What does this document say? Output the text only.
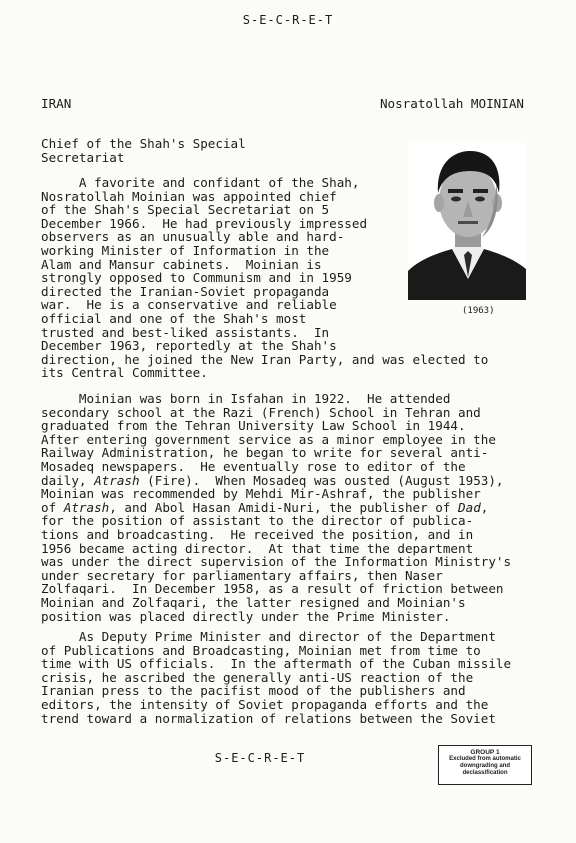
S-E-C-R-E-T
IRAN	Nosratollah MOINIAN
Chief of the Shah's Special
Secretariat
(1963)
A favorite and confidant of the Shah,
Nosratollah Moinian was appointed chief
of the Shah's Special Secretariat on 5
December 1966.  He had previously impressed
observers as an unusually able and hard-
working Minister of Information in the
Alam and Mansur cabinets.  Moinian is
strongly opposed to Communism and in 1959
directed the Iranian-Soviet propaganda
war.  He is a conservative and reliable
official and one of the Shah's most
trusted and best-liked assistants.  In
December 1963, reportedly at the Shah's
direction, he joined the New Iran Party, and was elected to
its Central Committee.
Moinian was born in Isfahan in 1922.  He attended
secondary school at the Razi (French) School in Tehran and
graduated from the Tehran University Law School in 1944.
After entering government service as a minor employee in the
Railway Administration, he began to write for several anti-
Mosadeq newspapers.  He eventually rose to editor of the
daily, Atrash (Fire).  When Mosadeq was ousted (August 1953),
Moinian was recommended by Mehdi Mir-Ashraf, the publisher
of Atrash, and Abol Hasan Amidi-Nuri, the publisher of Dad,
for the position of assistant to the director of publica-
tions and broadcasting.  He received the position, and in
1956 became acting director.  At that time the department
was under the direct supervision of the Information Ministry's
under secretary for parliamentary affairs, then Naser
Zolfaqari.  In December 1958, as a result of friction between
Moinian and Zolfaqari, the latter resigned and Moinian's
position was placed directly under the Prime Minister.
As Deputy Prime Minister and director of the Department
of Publications and Broadcasting, Moinian met from time to
time with US officials.  In the aftermath of the Cuban missile
crisis, he ascribed the generally anti-US reaction of the
Iranian press to the pacifist mood of the publishers and
editors, the intensity of Soviet propaganda efforts and the
trend toward a normalization of relations between the Soviet
S-E-C-R-E-T	GROUP 1
Excluded from automatic
downgrading and
declassification
